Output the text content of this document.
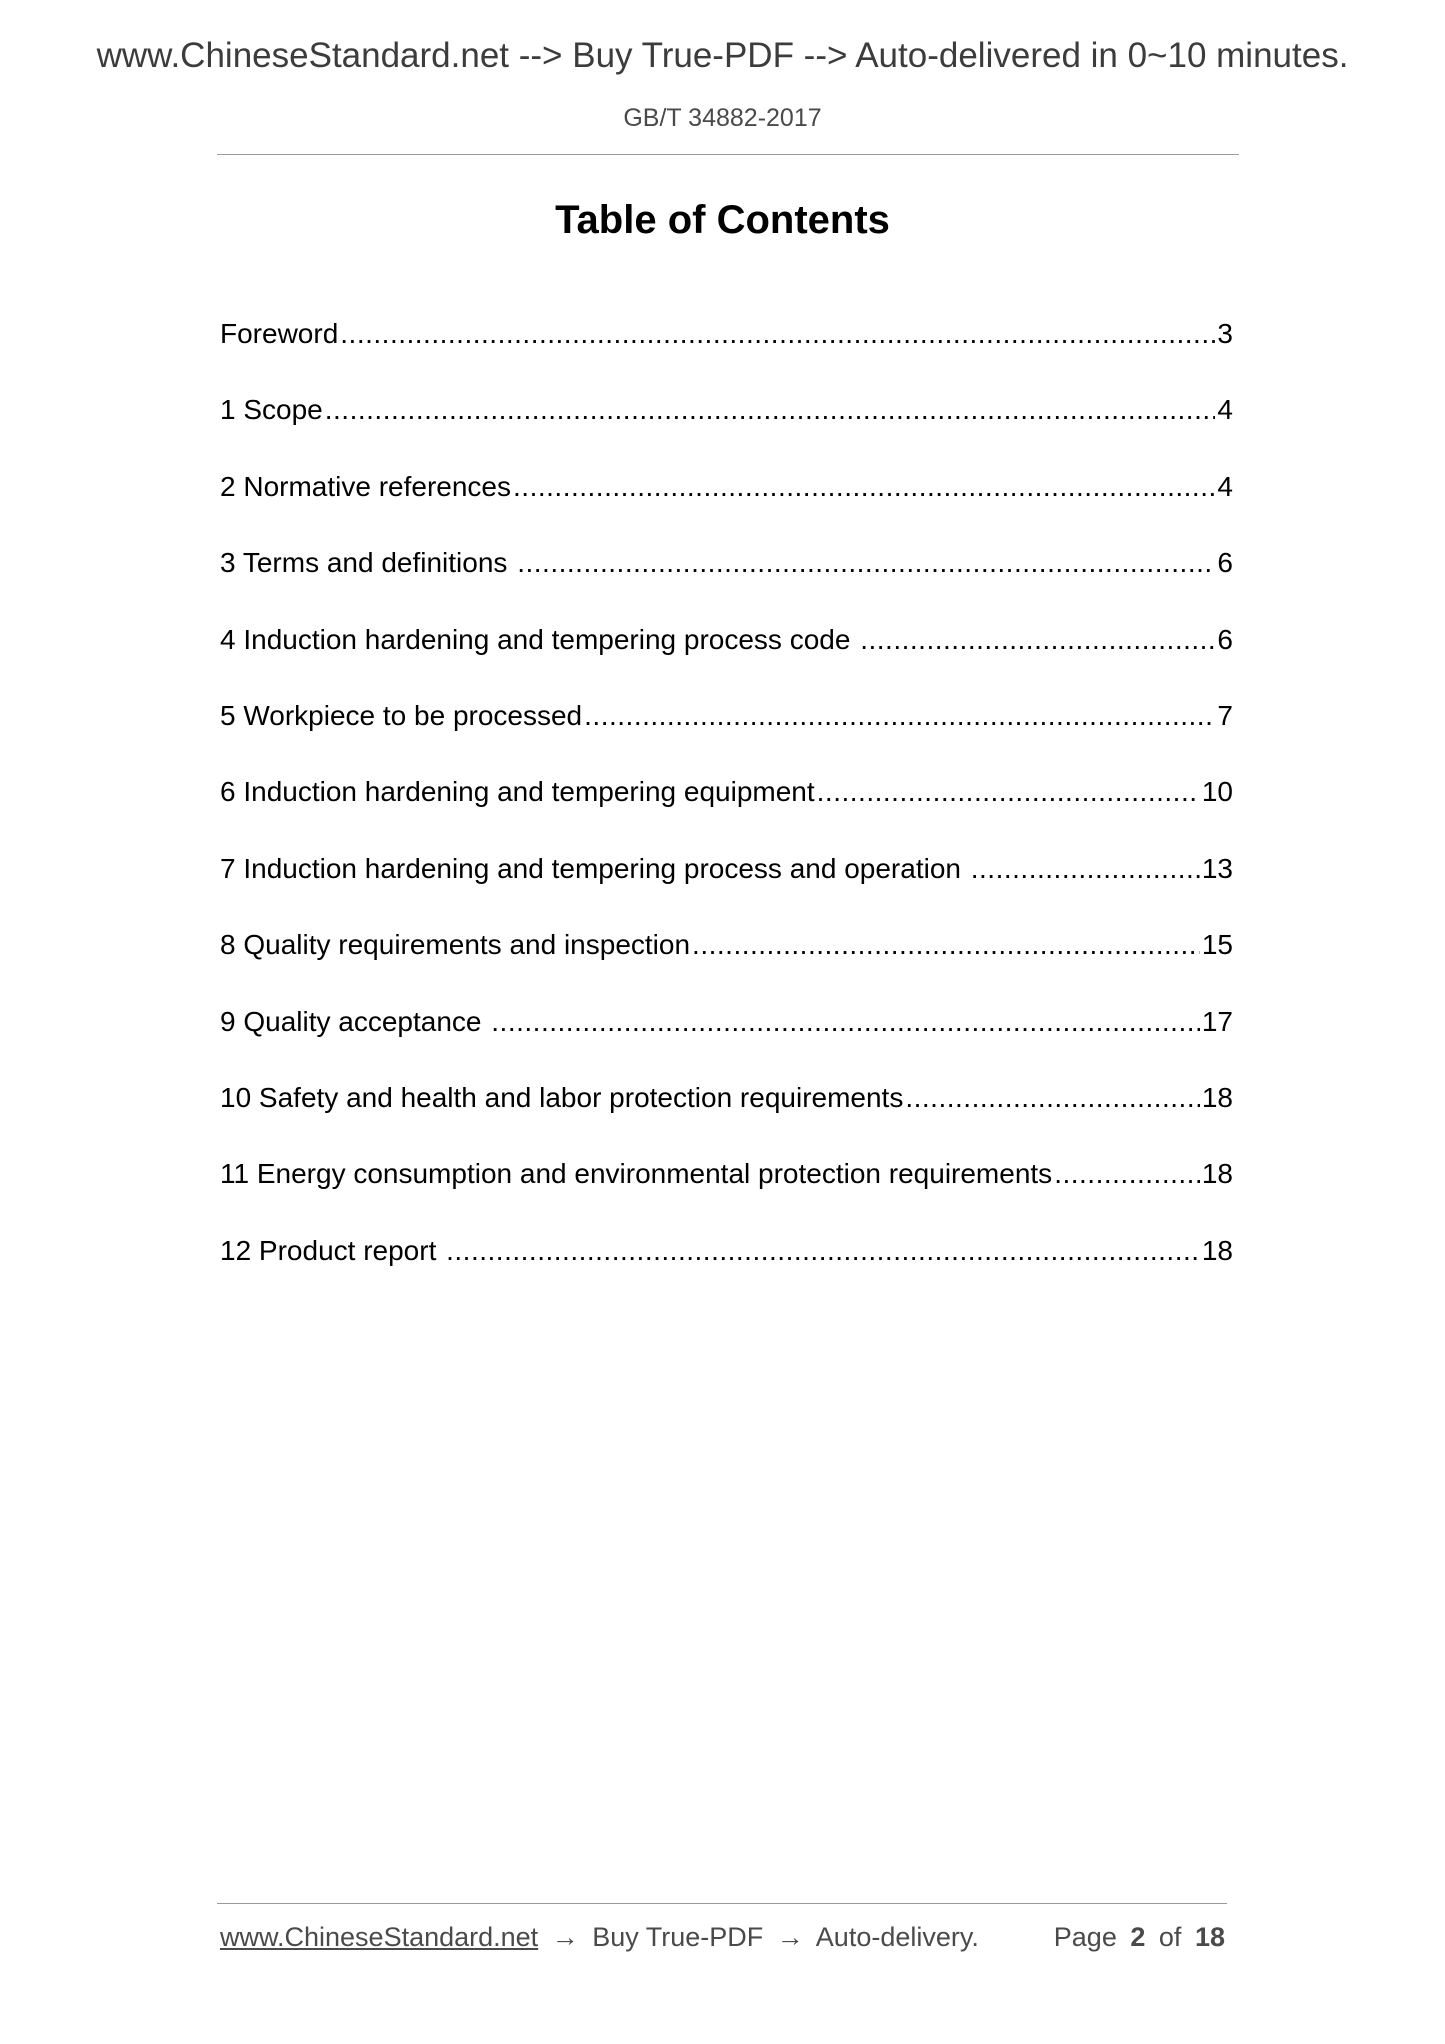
www.ChineseStandard.net --> Buy True-PDF --> Auto-delivered in 0~10 minutes.
GB/T 34882-2017
Table of Contents
Foreword .....	3
1 Scope .....	4
2 Normative references .....	4
3 Terms and definitions .....	6
4 Induction hardening and tempering process code .....	6
5 Workpiece to be processed .....	7
6 Induction hardening and tempering equipment .....	10
7 Induction hardening and tempering process and operation .....	13
8 Quality requirements and inspection .....	15
9 Quality acceptance .....	17
10 Safety and health and labor protection requirements .....	18
11 Energy consumption and environmental protection requirements .....	18
12 Product report .....	18
www.ChineseStandard.net → Buy True-PDF → Auto-delivery.	Page 2 of 18
